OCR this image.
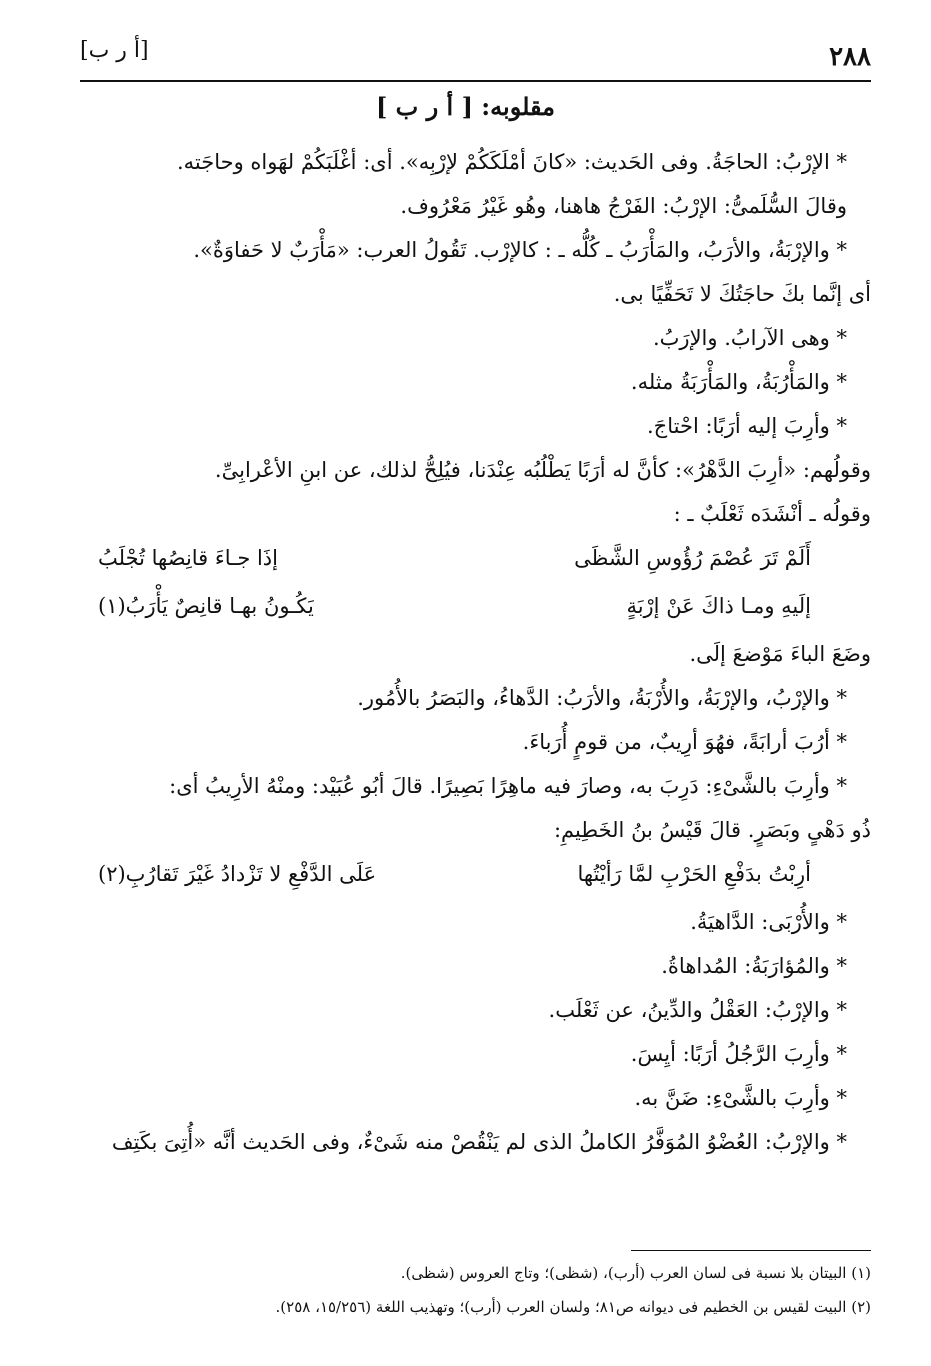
٢٨٨
[أ ر ب]
مقلوبه: [ أ ر ب ]
* الإرْبُ: الحاجَةُ. وفى الحَديث: «كانَ أمْلَكَكُمْ لإرْبِه». أى: أغْلَبَكُمْ لهَواه وحاجَته.
وقالَ السُّلَمىُّ: الإرْبُ: الفَرْجُ هاهنا، وهُو غَيْرُ مَعْرُوف.
* والإرْبَةُ، والأرَبُ، والمَأْرَبُ ـ كُلُّه ـ : كالإرْب. تَقُولُ العرب: «مَأْرَبٌ لا حَفاوَةٌ».
أى إنَّما بكَ حاجَتُكَ لا تَحَفِّيًا بى.
* وهى الآرابُ. والإرَبُ.
* والمَأْرُبَةُ، والمَأْرَبَةُ مثله.
* وأرِبَ إليه أرَبًا: احْتاجَ.
وقولُهم: «أرِبَ الدَّهْرُ»: كأنَّ له أرَبًا يَطْلُبُه عِنْدَنا، فيُلِحُّ لذلك، عن ابنِ الأعْرابِىِّ.
وقولُه ـ أنْشَدَه ثَعْلَبٌ ـ :
أَلَمْ تَرَ عُصْمَ رُؤُوسِ الشَّظَى
إذَا جـاءَ قانِصُها تُجْلَبُ
إلَيهِ ومـا ذاكَ عَنْ إرْبَةٍ
يَكُـونُ بهـا قانِصٌ يَأْرَبُ(١)
وضَعَ الباءَ مَوْضعَ إلَى.
* والإرْبُ، والإرْبَةُ، والأُرْبَةُ، والأرَبُ: الدَّهاءُ، والبَصَرُ بالأُمُور.
* أرُبَ أرابَةً، فهُوَ أرِيبٌ، من قومٍ أُرَباءَ.
* وأرِبَ بالشَّىْءِ: دَرِبَ به، وصارَ فيه ماهِرًا بَصِيرًا. قالَ أبُو عُبَيْد: ومنْهُ الأرِيبُ أى:
ذُو دَهْىٍ وبَصَرٍ. قالَ قَيْسُ بنُ الخَطِيمِ:
أرِبْتُ بدَفْعِ الحَرْبِ لمَّا رَأيْتُها
عَلَى الدَّفْعِ لا تَزْدادُ غَيْرَ تَقارُبِ(٢)
* والأُرْبَى: الدَّاهيَةُ.
* والمُؤارَبَةُ: المُداهاةُ.
* والإرْبُ: العَقْلُ والدِّينُ، عن ثَعْلَب.
* وأرِبَ الرَّجُلُ أرَبًا: أيِسَ.
* وأرِبَ بالشَّىْءِ: ضَنَّ به.
* والإرْبُ: العُضْوُ المُوَفَّرُ الكاملُ الذى لم يَنْقُصْ منه شَىْءٌ، وفى الحَديث أنَّه «أُتِىَ بكَتِف
(١) البيتان بلا نسبة فى لسان العرب (أرب)، (شظى)؛ وتاج العروس (شظى).
(٢) البيت لقيس بن الخطيم فى ديوانه ص٨١؛ ولسان العرب (أرب)؛ وتهذيب اللغة (١٥/٢٥٦، ٢٥٨).
